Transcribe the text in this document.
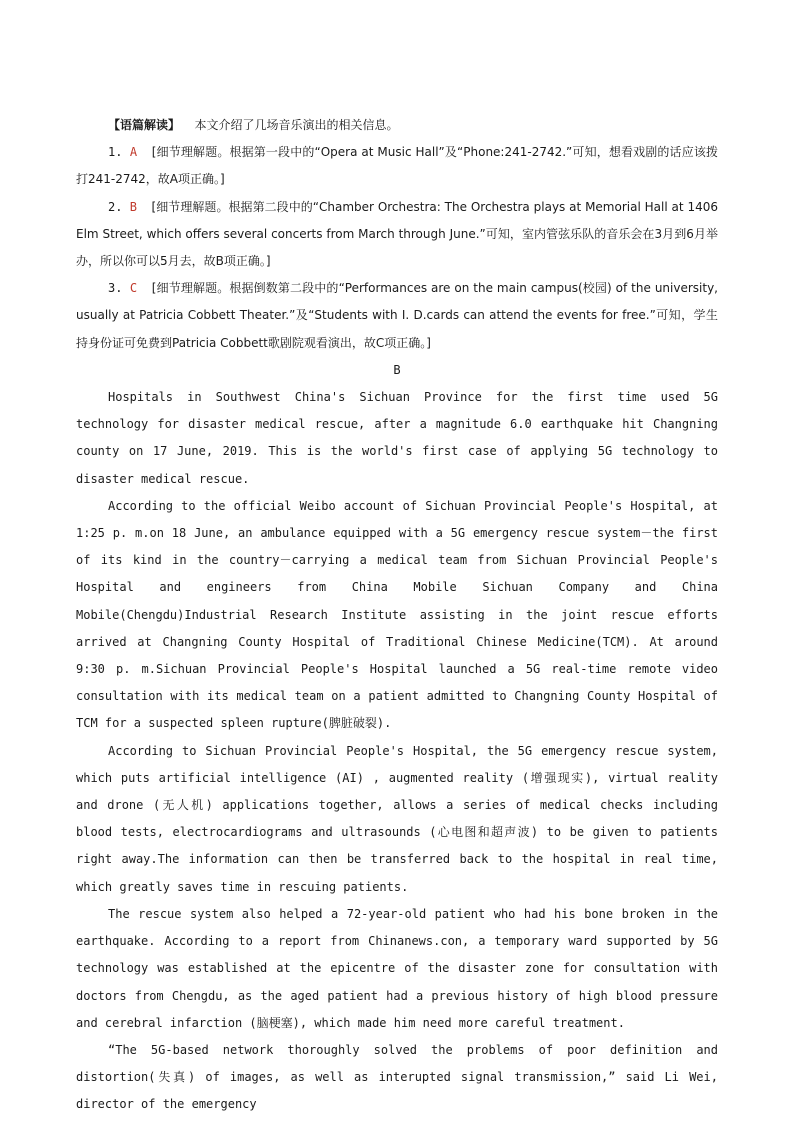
【语篇解读】 本文介绍了几场音乐演出的相关信息。

1. A [细节理解题。根据第一段中的“Opera at Music Hall”及“Phone:241-2742.”可知，想看戏剧的话应该拨打241-2742，故A项正确。]

2. B [细节理解题。根据第二段中的“Chamber Orchestra: The Orchestra plays at Memorial Hall at 1406 Elm Street, which offers several concerts from March through June.”可知，室内管弦乐队的音乐会在3月到6月举办，所以你可以5月去，故B项正确。]

3. C [细节理解题。根据倒数第二段中的“Performances are on the main campus(校园) of the university, usually at Patricia Cobbett Theater.”及“Students with I. D.cards can attend the events for free.”可知，学生持身份证可免费到Patricia Cobbett歌剧院观看演出，故C项正确。]

B

Hospitals in Southwest China's Sichuan Province for the first time used 5G technology for disaster medical rescue, after a magnitude 6.0 earthquake hit Changning county on 17 June, 2019. This is the world's first case of applying 5G technology to disaster medical rescue.

According to the official Weibo account of Sichuan Provincial People's Hospital, at 1:25 p. m.on 18 June, an ambulance equipped with a 5G emergency rescue system－the first of its kind in the country－carrying a medical team from Sichuan Provincial People's Hospital and engineers from China Mobile Sichuan Company and China Mobile(Chengdu)Industrial Research Institute assisting in the joint rescue efforts arrived at Changning County Hospital of Traditional Chinese Medicine(TCM). At around 9:30 p. m.Sichuan Provincial People's Hospital launched a 5G real-time remote video consultation with its medical team on a patient admitted to Changning County Hospital of TCM for a suspected spleen rupture(脾脏破裂).

According to Sichuan Provincial People's Hospital, the 5G emergency rescue system, which puts artificial intelligence (AI) , augmented reality (增强现实), virtual reality and drone (无人机) applications together, allows a series of medical checks including blood tests, electrocardiograms and ultrasounds (心电图和超声波) to be given to patients right away.The information can then be transferred back to the hospital in real time, which greatly saves time in rescuing patients.

The rescue system also helped a 72-year-old patient who had his bone broken in the earthquake. According to a report from Chinanews.con, a temporary ward supported by 5G technology was established at the epicentre of the disaster zone for consultation with doctors from Chengdu, as the aged patient had a previous history of high blood pressure and cerebral infarction (脑梗塞), which made him need more careful treatment.

“The 5G-based network thoroughly solved the problems of poor definition and distortion(失真) of images, as well as interupted signal transmission,” said Li Wei, director of the emergency
